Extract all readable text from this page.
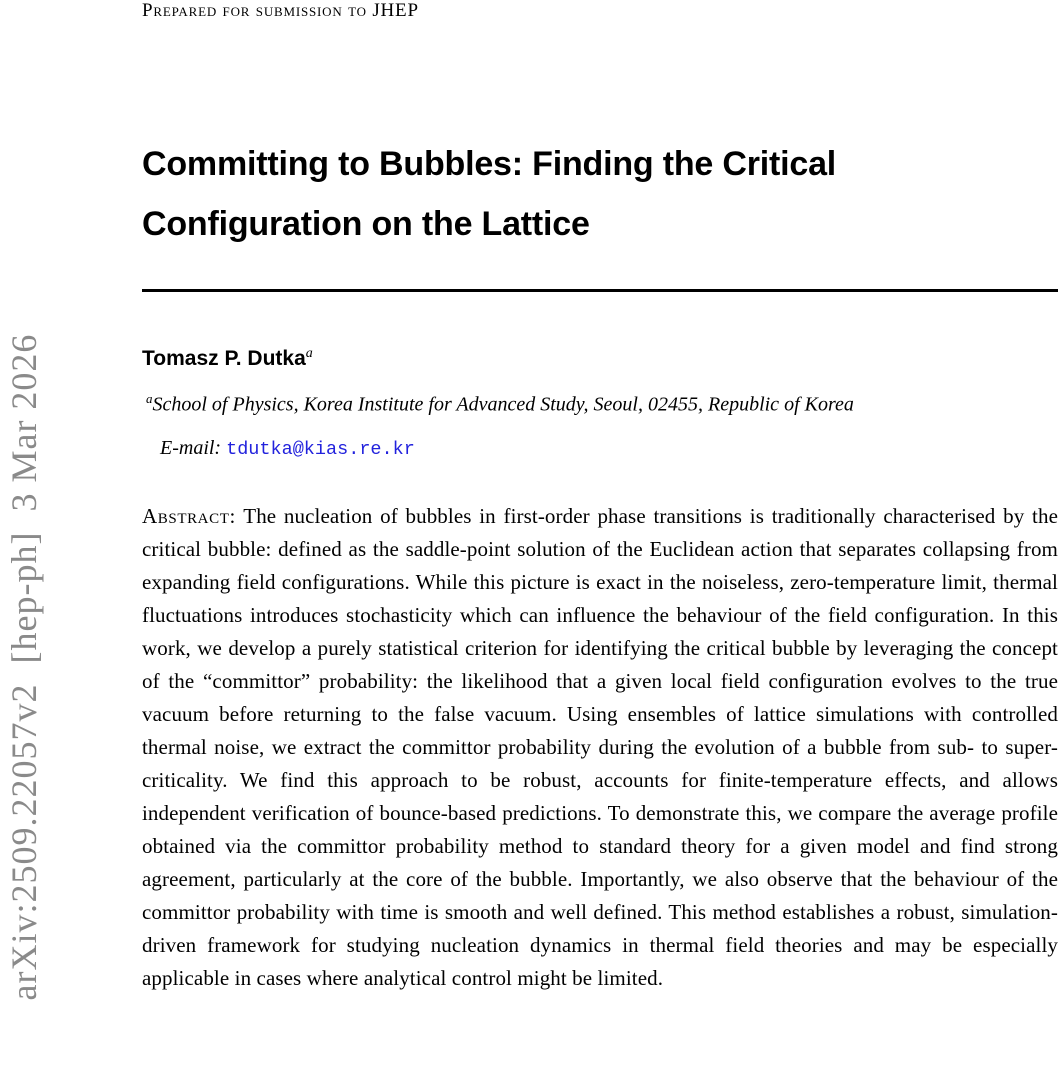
arXiv:2509.22057v2  [hep-ph]  3 Mar 2026
Prepared for submission to JHEP
Committing to Bubbles: Finding the Critical
Configuration on the Lattice
Tomasz P. Dutka$^a$
$^a$School of Physics, Korea Institute for Advanced Study, Seoul, 02455, Republic of Korea
E-mail: tdutka@kias.re.kr

Abstract: The nucleation of bubbles in first-order phase transitions is traditionally characterised by the critical bubble: defined as the saddle-point solution of the Euclidean action that separates collapsing from expanding field configurations. While this picture is exact in the noiseless, zero-temperature limit, thermal fluctuations introduces stochasticity which can influence the behaviour of the field configuration. In this work, we develop a purely statistical criterion for identifying the critical bubble by leveraging the concept of the “committor” probability: the likelihood that a given local field configuration evolves to the true vacuum before returning to the false vacuum. Using ensembles of lattice simulations with controlled thermal noise, we extract the committor probability during the evolution of a bubble from sub- to super-criticality. We find this approach to be robust, accounts for finite-temperature effects, and allows independent verification of bounce-based predictions. To demonstrate this, we compare the average profile obtained via the committor probability method to standard theory for a given model and find strong agreement, particularly at the core of the bubble. Importantly, we also observe that the behaviour of the committor probability with time is smooth and well defined. This method establishes a robust, simulation-driven framework for studying nucleation dynamics in thermal field theories and may be especially applicable in cases where analytical control might be limited.
